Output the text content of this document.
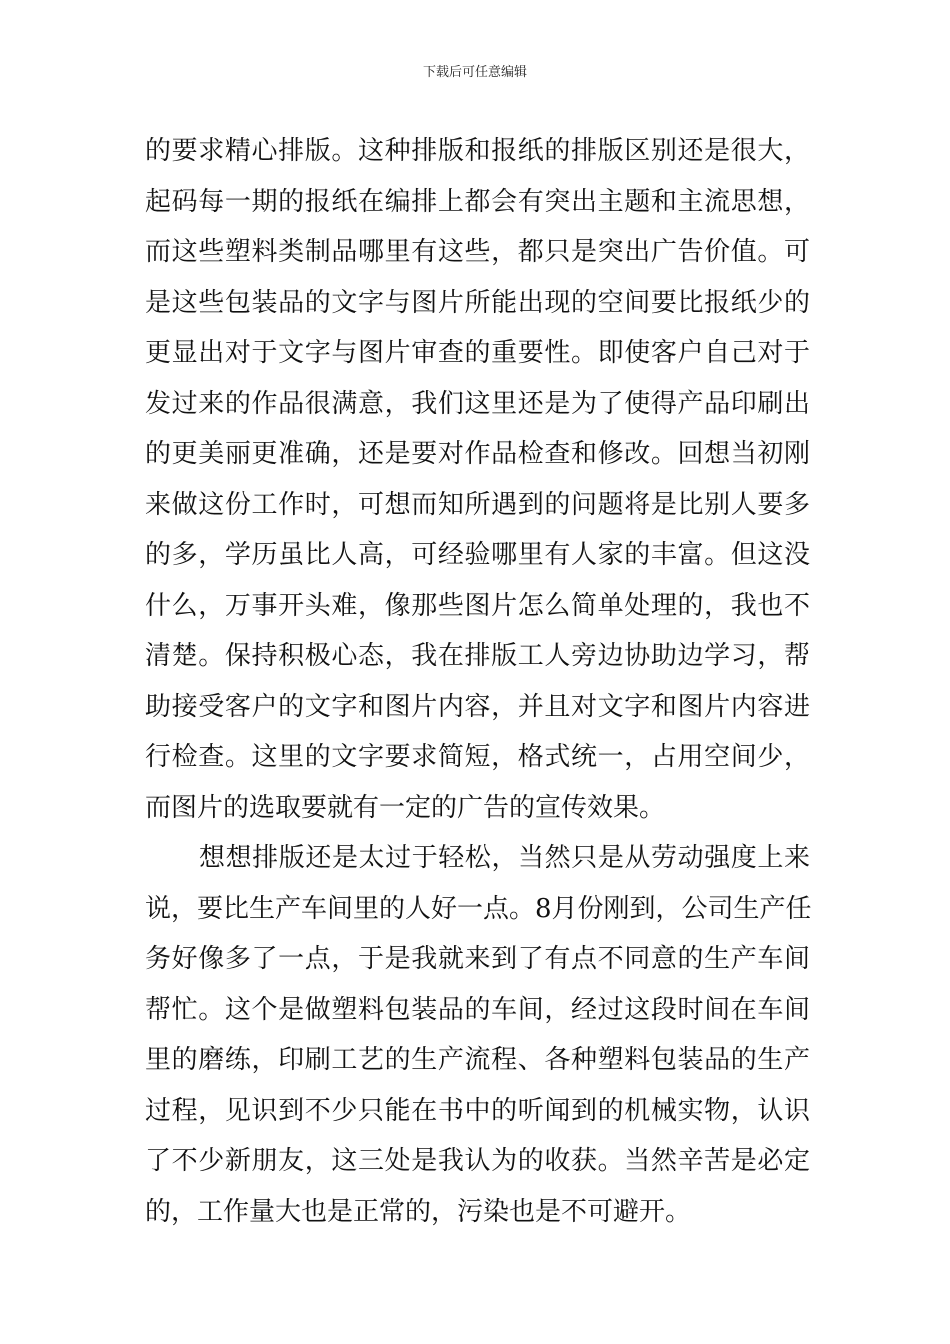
下载后可任意编辑
的要求精心排版。这种排版和报纸的排版区别还是很大，
起码每一期的报纸在编排上都会有突出主题和主流思想，
而这些塑料类制品哪里有这些，都只是突出广告价值。可
是这些包装品的文字与图片所能出现的空间要比报纸少的
更显出对于文字与图片审查的重要性。即使客户自己对于
发过来的作品很满意，我们这里还是为了使得产品印刷出
的更美丽更准确，还是要对作品检查和修改。回想当初刚
来做这份工作时，可想而知所遇到的问题将是比别人要多
的多，学历虽比人高，可经验哪里有人家的丰富。但这没
什么，万事开头难，像那些图片怎么简单处理的，我也不
清楚。保持积极心态，我在排版工人旁边协助边学习，帮
助接受客户的文字和图片内容，并且对文字和图片内容进
行检查。这里的文字要求简短，格式统一，占用空间少，
而图片的选取要就有一定的广告的宣传效果。
想想排版还是太过于轻松，当然只是从劳动强度上来
说，要比生产车间里的人好一点。8月份刚到，公司生产任
务好像多了一点，于是我就来到了有点不同意的生产车间
帮忙。这个是做塑料包装品的车间，经过这段时间在车间
里的磨练，印刷工艺的生产流程、各种塑料包装品的生产
过程，见识到不少只能在书中的听闻到的机械实物，认识
了不少新朋友，这三处是我认为的收获。当然辛苦是必定
的，工作量大也是正常的，污染也是不可避开。
